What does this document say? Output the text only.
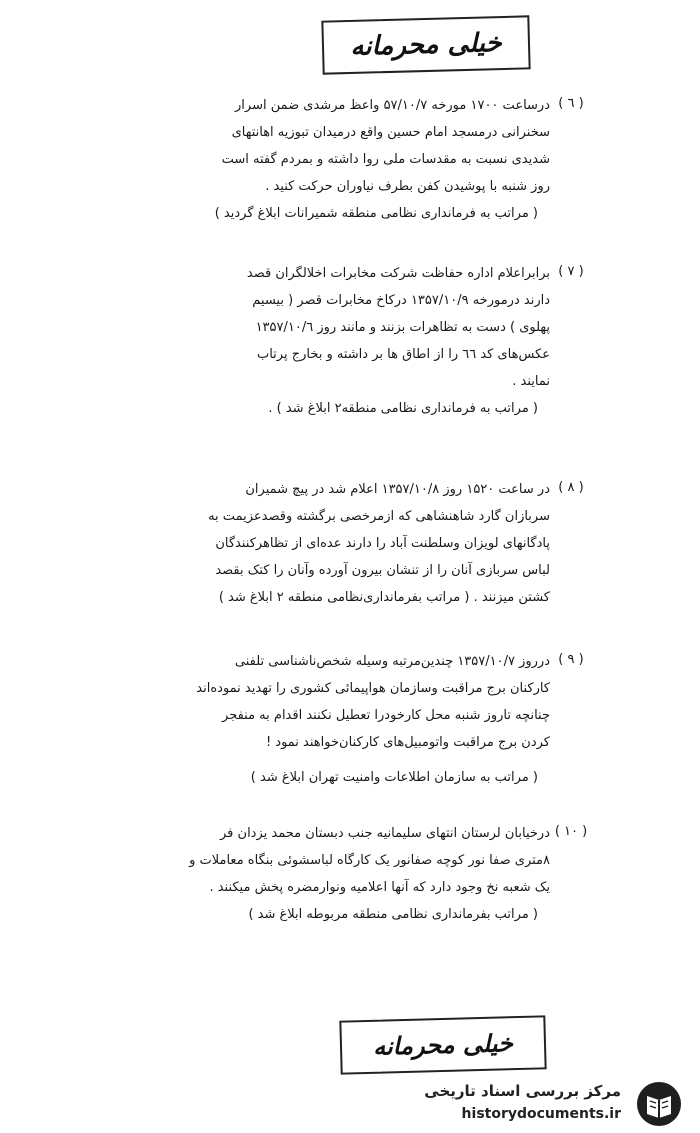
خیلی محرمانه
( ٦ )
درساعت ۱۷۰۰ مورخه ۵۷/۱۰/۷ واعظ مرشدی ضمن اسرار
سخنرانی درمسجد امام حسین واقع درمیدان تبوزیه اهانتهای
شدیدی نسبت به مقدسات ملی روا داشته و بمردم گفته است
روز شنبه با پوشیدن کفن بطرف نیاوران حرکت کنید .
( مراتب به فرمانداری نظامی منطقه شمیرانات ابلاغ گردید )
( ۷ )
برابراعلام اداره حفاظت شرکت مخابرات اخلالگران قصد
دارند درمورخه ۱۳۵۷/۱۰/۹ درکاخ مخابرات قصر ( بیسیم
پهلوی ) دست به تظاهرات بزنند و مانند روز ۱۳۵۷/۱۰/٦
عکس‌های کد ٦٦ را از اطاق ها بر داشته و بخارج پرتاب
نمایند .
( مراتب به فرمانداری نظامی منطقه۲ ابلاغ شد ) .
( ۸ )
در ساعت ۱۵۲۰ روز ۱۳۵۷/۱۰/۸ اعلام شد در پیچ شمیران
سربازان گارد شاهنشاهی که ازمرخصی برگشته وقصدعزیمت به
پادگانهای لویزان وسلطنت آباد را دارند عده‌ای از تظاهرکنندگان
لباس سربازی آنان را از تنشان بیرون آورده وآنان را کتک بقصد
کشتن میزنند . ( مراتب بفرمانداری‌نظامی منطقه ۲ ابلاغ شد )
( ۹ )
درروز ۱۳۵۷/۱۰/۷ چندین‌مرتبه وسیله شخص‌ناشناسی تلفنی
کارکنان برج مراقبت وسازمان هواپیمائی کشوری را تهدید نموده‌اند
چنانچه تاروز شنبه محل کارخودرا تعطیل نکنند اقدام به منفجر
کردن برج مراقبت واتومبیل‌های کارکنان‌خواهند نمود !
( مراتب به سازمان اطلاعات وامنیت تهران ابلاغ شد )
( ۱۰ )
درخیابان لرستان انتهای سلیمانیه جنب دبستان محمد یزدان فر
۸متری صفا نور کوچه صفانور یک کارگاه لباسشوئی بنگاه معاملات و
یک شعبه نخ وجود دارد که آنها اعلامیه ونوارمضره پخش میکنند .
( مراتب بفرمانداری نظامی منطقه مربوطه ابلاغ شد )
خیلی محرمانه
مرکز بررسی اسناد تاریخی
historydocuments.ir
